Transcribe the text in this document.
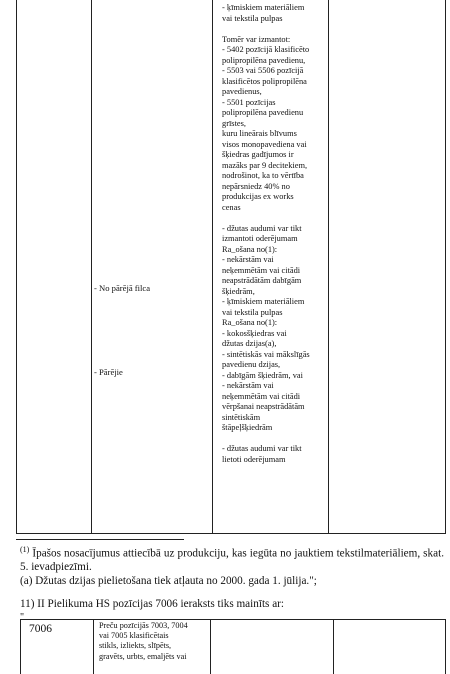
- ķīmiskiem materiāliem

vai tekstila pulpas

Tomēr var izmantot:

- 5402 pozīcijā klasificēto

polipropilēna pavedienu,

- 5503 vai 5506 pozīcijā

klasificētos polipropilēna

pavedienus,

- 5501 pozīcijas

polipropilēna pavedienu

grīstes,

kuru lineārais blīvums

visos monopavediena vai

šķiedras gadījumos ir

mazāks par 9 decitekiem,

nodrošinot, ka to vērtība

nepārsniedz 40% no

produkcijas ex works

cenas

- džutas audumi var tikt

izmantoti oderējumam

Ra_ošana no(1):

- nekārstām vai

neķemmētām vai citādi

neapstrādātām dabīgām

šķiedrām,

- ķīmiskiem materiāliem

vai tekstila pulpas

Ra_ošana no(1):

- kokosšķiedras vai

džutas dzijas(a),

- sintētiskās vai mākslīgās

pavedienu dzijas,

- dabīgām šķiedrām, vai

- nekārstām vai

neķemmētām vai citādi

vērpšanai neapstrādātām

sintētiskām

štāpeļšķiedrām

- džutas audumi var tikt

lietoti oderējumam

- No pārējā filca
- Pārējie
$^{(1)}$ Īpašos nosacījumus attiecībā uz produkciju, kas iegūta no jauktiem tekstilmateriāliem, skat. 5. ievadpiezīmi.
(a) Džutas dzijas pielietošana tiek atļauta no 2000. gada 1. jūlija.";
11) II Pielikuma HS pozīcijas 7006 ieraksts tiks mainīts ar:
"
7006	Preču pozīcijās 7003, 7004

vai 7005 klasificētais

stikls, izliekts, slīpēts,

gravēts, urbts, emaljēts vai
